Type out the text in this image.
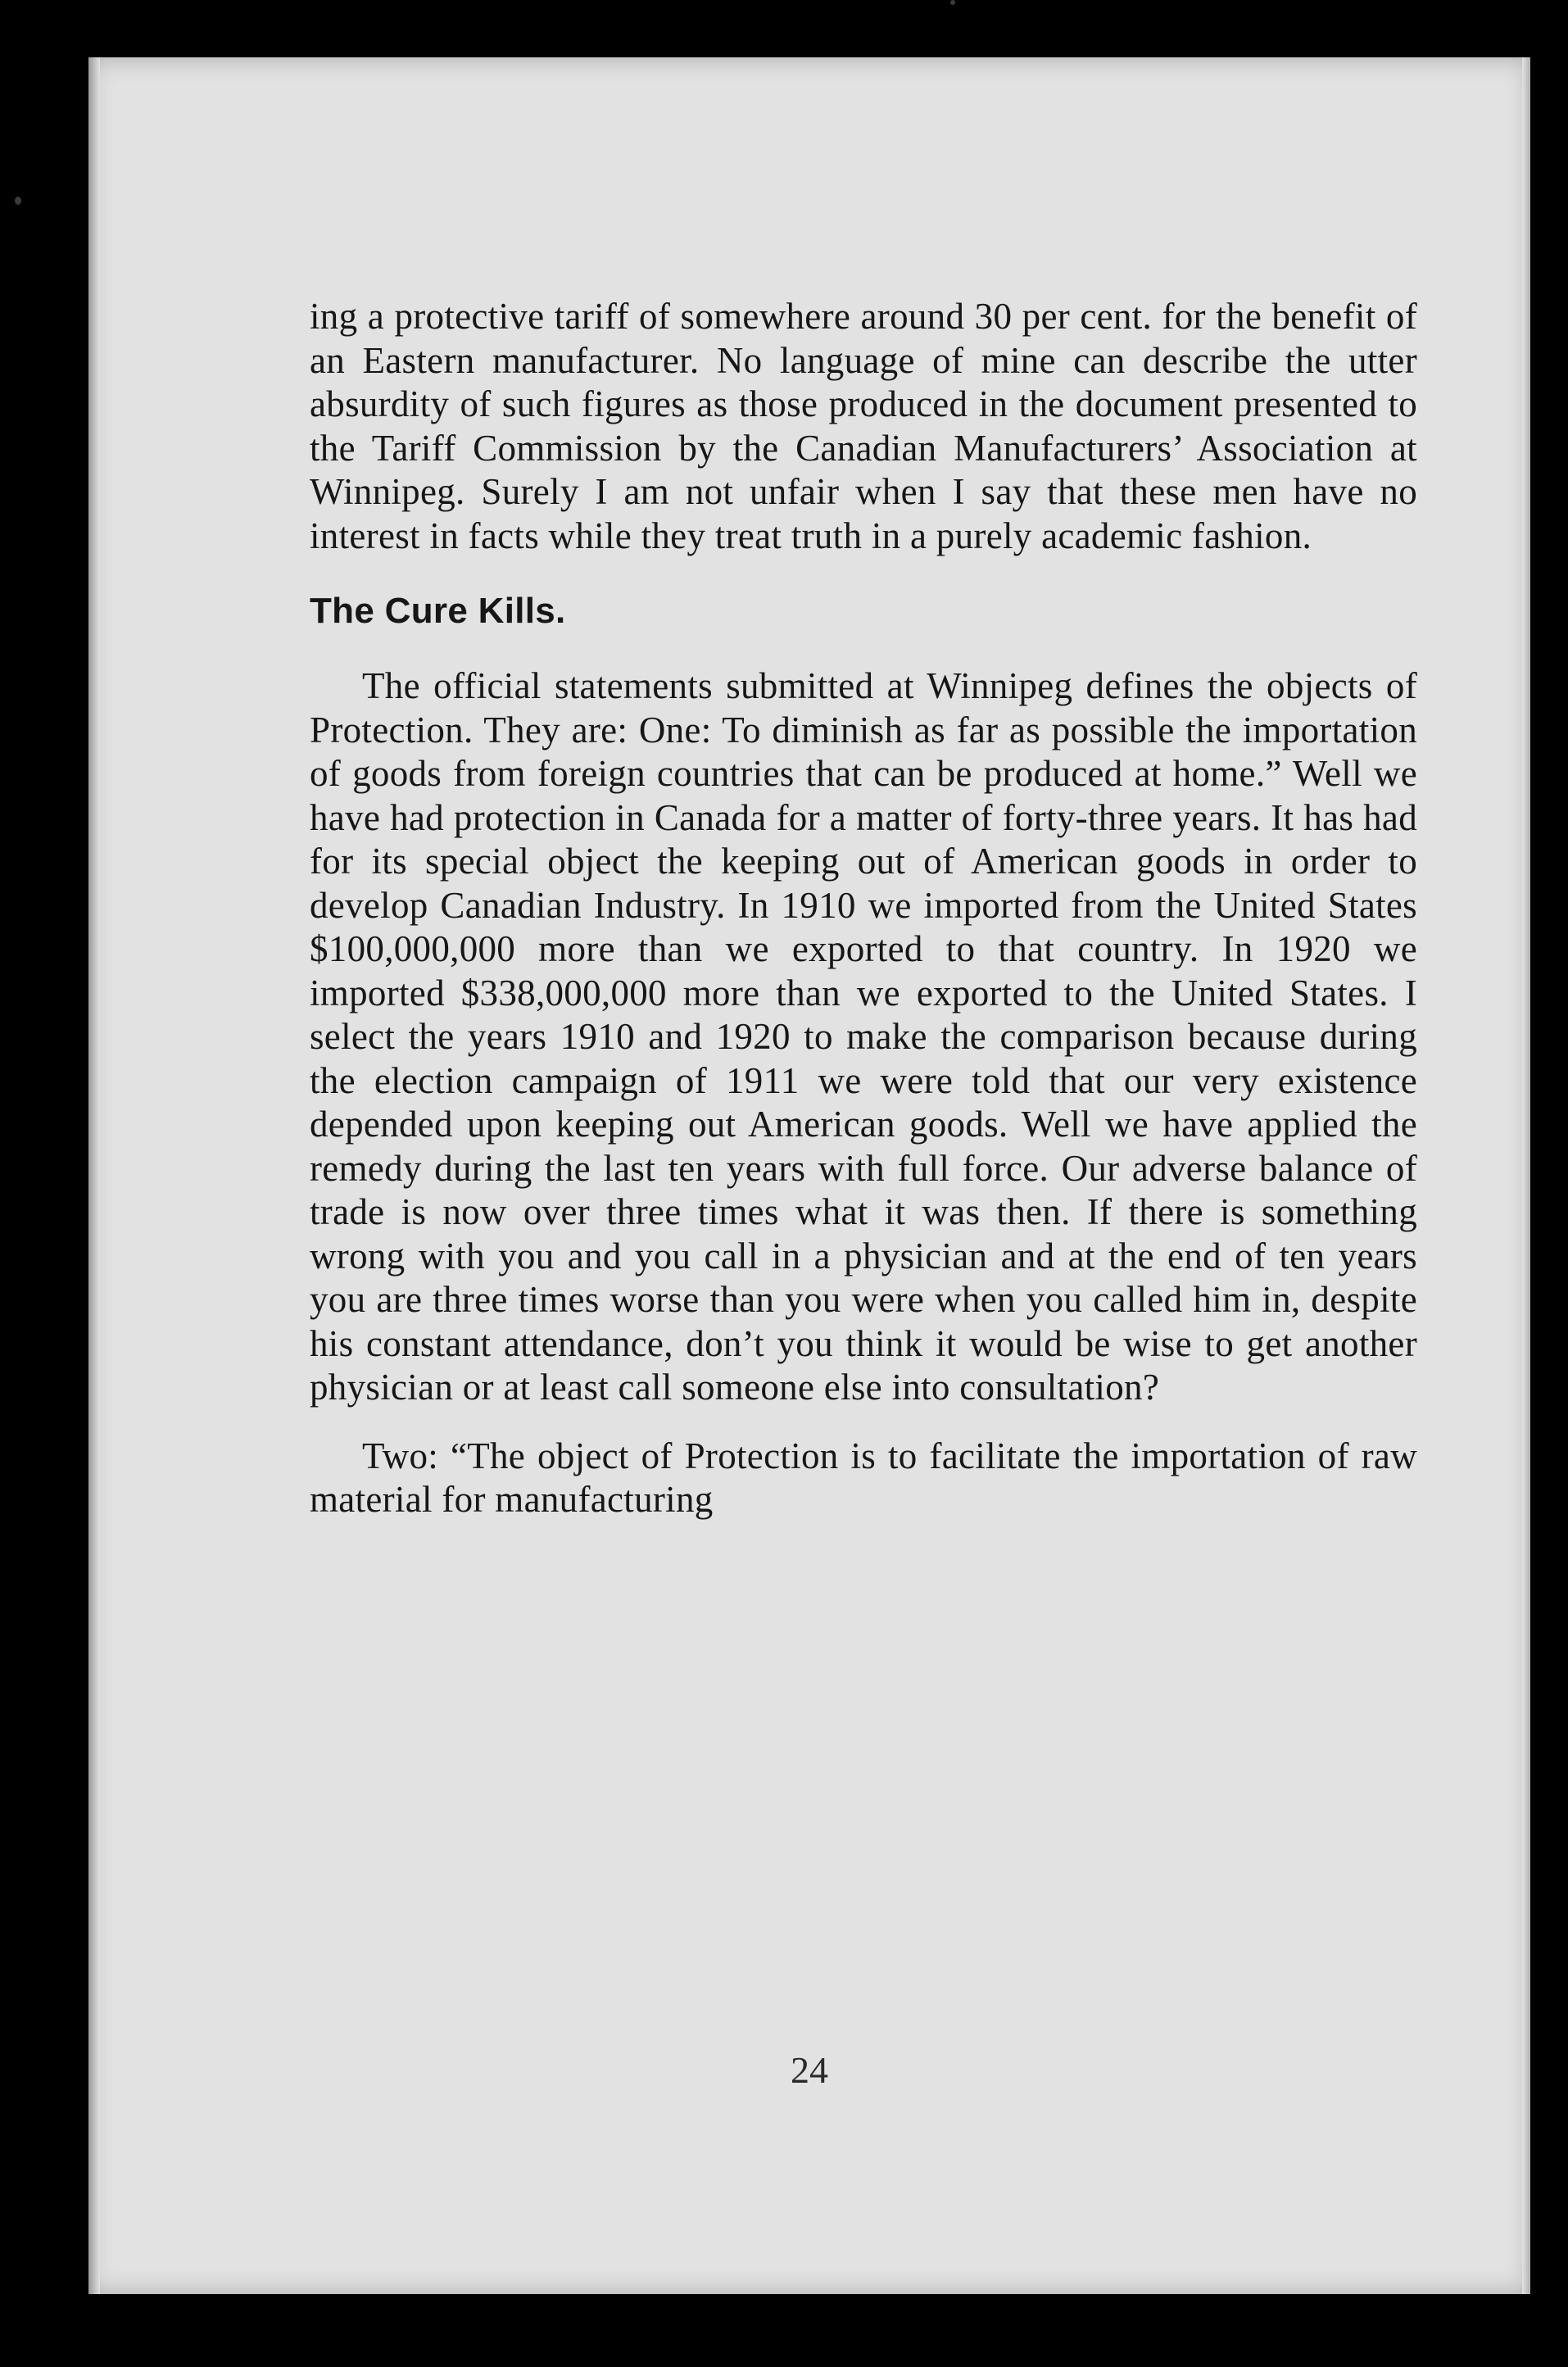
ing a protective tariff of somewhere around 30 per cent. for the benefit of an Eastern manufacturer. No language of mine can describe the utter absurdity of such figures as those produced in the document presented to the Tariff Commission by the Canadian Manufacturers’ Association at Winnipeg. Surely I am not unfair when I say that these men have no interest in facts while they treat truth in a purely academic fashion.

The Cure Kills.

The official statements submitted at Winnipeg defines the objects of Protection. They are: One: To diminish as far as possible the importation of goods from foreign countries that can be produced at home.” Well we have had protection in Canada for a matter of forty-three years. It has had for its special object the keeping out of American goods in order to develop Canadian Industry. In 1910 we imported from the United States $100,000,000 more than we exported to that country. In 1920 we imported $338,000,000 more than we exported to the United States. I select the years 1910 and 1920 to make the comparison because during the election campaign of 1911 we were told that our very existence depended upon keeping out American goods. Well we have applied the remedy during the last ten years with full force. Our adverse balance of trade is now over three times what it was then. If there is something wrong with you and you call in a physician and at the end of ten years you are three times worse than you were when you called him in, despite his constant attendance, don’t you think it would be wise to get another physician or at least call someone else into consultation?

Two: “The object of Protection is to facilitate the importation of raw material for manufacturing

24
